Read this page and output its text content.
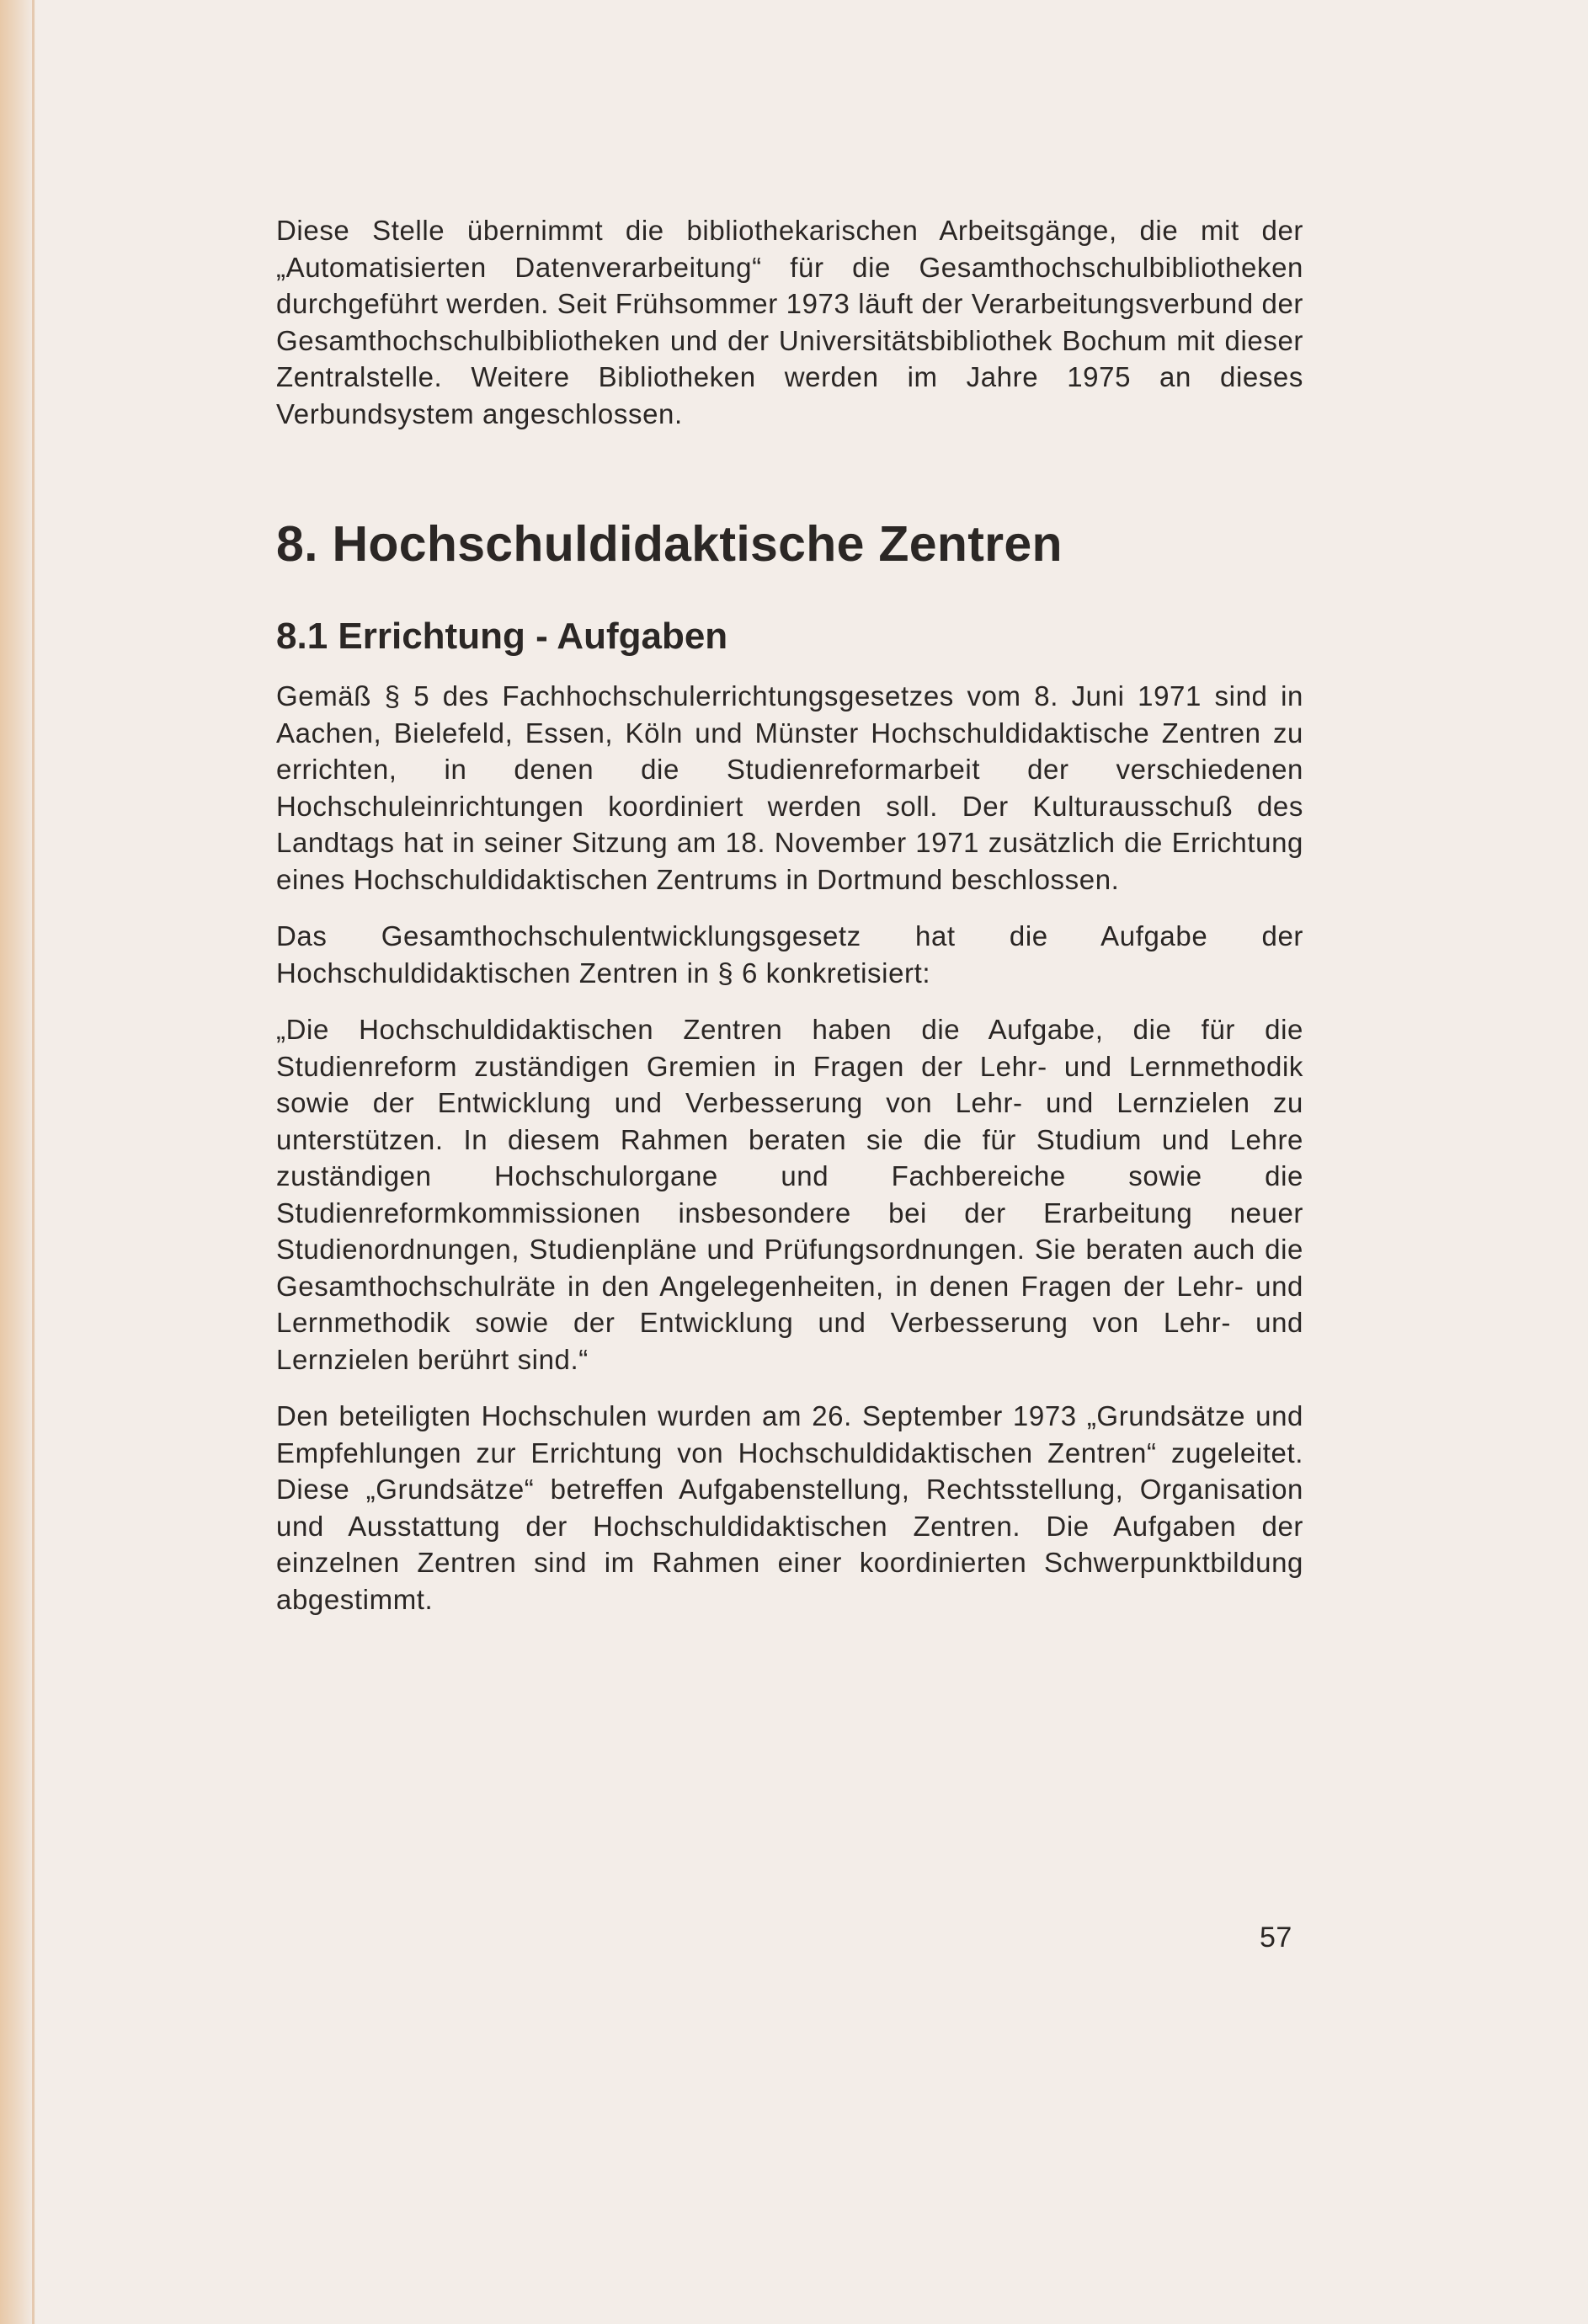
Diese Stelle übernimmt die bibliothekarischen Arbeitsgänge, die mit der „Automatisierten Datenverarbeitung“ für die Gesamthochschulbibliotheken durchgeführt werden. Seit Frühsommer 1973 läuft der Verarbeitungsverbund der Gesamthochschulbibliotheken und der Universitätsbibliothek Bochum mit dieser Zentralstelle. Weitere Bibliotheken werden im Jahre 1975 an dieses Verbundsystem angeschlossen.

8. Hochschuldidaktische Zentren
8.1 Errichtung - Aufgaben

Gemäß § 5 des Fachhochschulerrichtungsgesetzes vom 8. Juni 1971 sind in Aachen, Bielefeld, Essen, Köln und Münster Hochschuldidaktische Zentren zu errichten, in denen die Studienreformarbeit der verschiedenen Hochschuleinrichtungen koordiniert werden soll. Der Kulturausschuß des Landtags hat in seiner Sitzung am 18. November 1971 zusätzlich die Errichtung eines Hochschuldidaktischen Zentrums in Dortmund beschlossen.

Das Gesamthochschulentwicklungsgesetz hat die Aufgabe der Hochschuldidaktischen Zentren in § 6 konkretisiert:

„Die Hochschuldidaktischen Zentren haben die Aufgabe, die für die Studienreform zuständigen Gremien in Fragen der Lehr- und Lernmethodik sowie der Entwicklung und Verbesserung von Lehr- und Lernzielen zu unterstützen. In diesem Rahmen beraten sie die für Studium und Lehre zuständigen Hochschulorgane und Fachbereiche sowie die Studienreformkommissionen insbesondere bei der Erarbeitung neuer Studienordnungen, Studienpläne und Prüfungsordnungen. Sie beraten auch die Gesamthochschulräte in den Angelegenheiten, in denen Fragen der Lehr- und Lernmethodik sowie der Entwicklung und Verbesserung von Lehr- und Lernzielen berührt sind.“

Den beteiligten Hochschulen wurden am 26. September 1973 „Grundsätze und Empfehlungen zur Errichtung von Hochschuldidaktischen Zentren“ zugeleitet. Diese „Grundsätze“ betreffen Aufgabenstellung, Rechtsstellung, Organisation und Ausstattung der Hochschuldidaktischen Zentren. Die Aufgaben der einzelnen Zentren sind im Rahmen einer koordinierten Schwerpunktbildung abgestimmt.

57
